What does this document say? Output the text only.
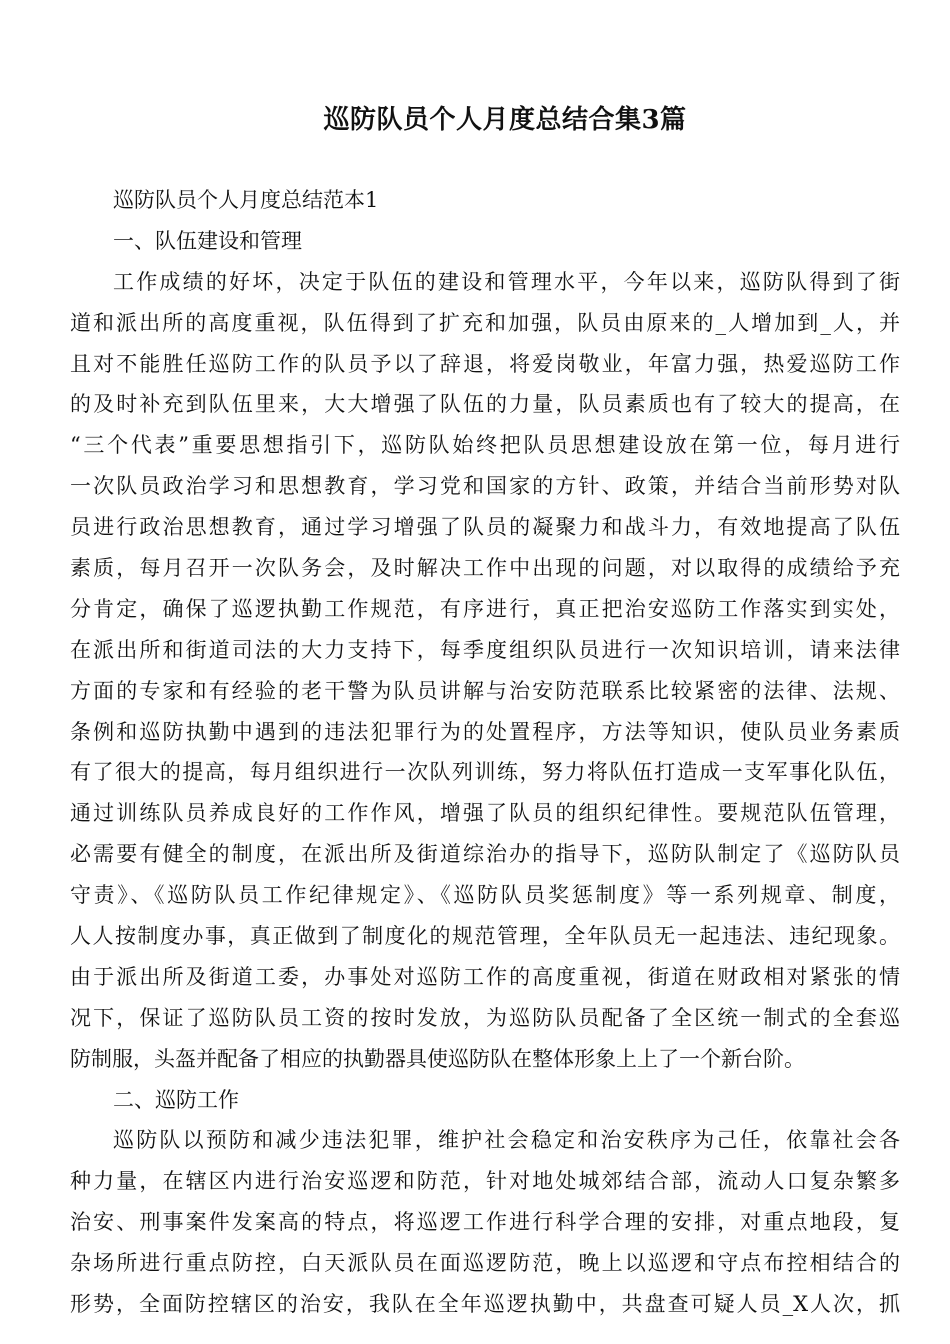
巡防队员个人月度总结合集3篇
巡防队员个人月度总结范本1
一、队伍建设和管理
工作成绩的好坏，决定于队伍的建设和管理水平，今年以来，巡防队得到了街
道和派出所的高度重视，队伍得到了扩充和加强，队员由原来的_人增加到_人，并
且对不能胜任巡防工作的队员予以了辞退，将爱岗敬业，年富力强，热爱巡防工作
的及时补充到队伍里来，大大增强了队伍的力量，队员素质也有了较大的提高，在
“三个代表”重要思想指引下，巡防队始终把队员思想建设放在第一位，每月进行
一次队员政治学习和思想教育，学习党和国家的方针、政策，并结合当前形势对队
员进行政治思想教育，通过学习增强了队员的凝聚力和战斗力，有效地提高了队伍
素质，每月召开一次队务会，及时解决工作中出现的问题，对以取得的成绩给予充
分肯定，确保了巡逻执勤工作规范，有序进行，真正把治安巡防工作落实到实处，
在派出所和街道司法的大力支持下，每季度组织队员进行一次知识培训，请来法律
方面的专家和有经验的老干警为队员讲解与治安防范联系比较紧密的法律、法规、
条例和巡防执勤中遇到的违法犯罪行为的处置程序，方法等知识，使队员业务素质
有了很大的提高，每月组织进行一次队列训练，努力将队伍打造成一支军事化队伍，
通过训练队员养成良好的工作作风，增强了队员的组织纪律性。要规范队伍管理，
必需要有健全的制度，在派出所及街道综治办的指导下，巡防队制定了《巡防队员
守责》、《巡防队员工作纪律规定》、《巡防队员奖惩制度》等一系列规章、制度，
人人按制度办事，真正做到了制度化的规范管理，全年队员无一起违法、违纪现象。
由于派出所及街道工委，办事处对巡防工作的高度重视，街道在财政相对紧张的情
况下，保证了巡防队员工资的按时发放，为巡防队员配备了全区统一制式的全套巡
防制服，头盔并配备了相应的执勤器具使巡防队在整体形象上上了一个新台阶。
二、巡防工作
巡防队以预防和减少违法犯罪，维护社会稳定和治安秩序为己任，依靠社会各
种力量，在辖区内进行治安巡逻和防范，针对地处城郊结合部，流动人口复杂繁多
治安、刑事案件发案高的特点，将巡逻工作进行科学合理的安排，对重点地段，复
杂场所进行重点防控，白天派队员在面巡逻防范，晚上以巡逻和守点布控相结合的
形势，全面防控辖区的治安，我队在全年巡逻执勤中，共盘查可疑人员_X人次，抓
